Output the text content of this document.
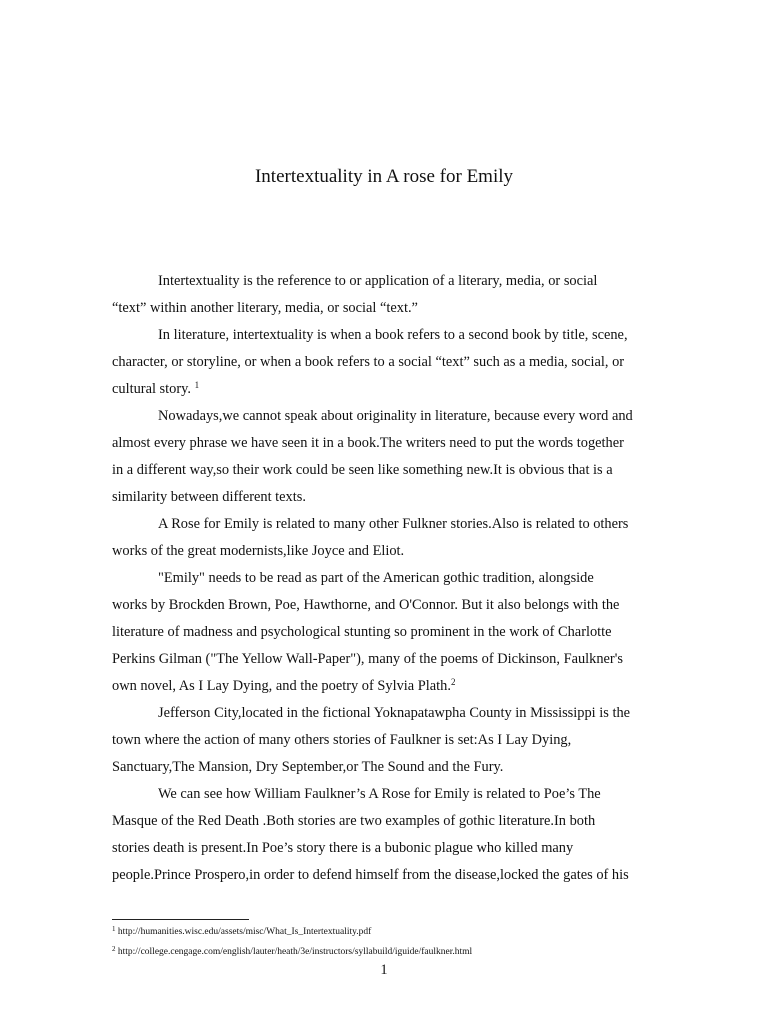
Intertextuality in A rose for Emily
Intertextuality is the reference to or application of a literary, media, or social
“text” within another literary, media, or social “text.”
In literature, intertextuality is when a book refers to a second book by title, scene,
character, or storyline, or when a book refers to a social “text” such as a media, social, or
cultural story. $^1$
Nowadays,we cannot speak about originality in literature, because every word and
almost every phrase we have seen it in a book.The writers need to put the words together
in a different way,so their work could be seen like something new.It is obvious that is a
similarity between different texts.
A Rose for Emily is related to many other Fulkner stories.Also is related to others
works of the great modernists,like Joyce and Eliot.
"Emily" needs to be read as part of the American gothic tradition, alongside
works by Brockden Brown, Poe, Hawthorne, and O'Connor. But it also belongs with the
literature of madness and psychological stunting so prominent in the work of Charlotte
Perkins Gilman ("The Yellow Wall-Paper"), many of the poems of Dickinson, Faulkner's
own novel, As I Lay Dying, and the poetry of Sylvia Plath.$^2$
Jefferson City,located in the fictional Yoknapatawpha County in Mississippi is the
town where the action of many others stories of Faulkner is set:As I Lay Dying,
Sanctuary,The Mansion, Dry September,or The Sound and the Fury.
We can see how William Faulkner’s A Rose for Emily is related to Poe’s The
Masque of the Red Death .Both stories are two examples of gothic literature.In both
stories death is present.In Poe’s story there is a bubonic plague who killed many
people.Prince Prospero,in order to defend himself from the disease,locked the gates of his
$^1$ http://humanities.wisc.edu/assets/misc/What_Is_Intertextuality.pdf
$^2$ http://college.cengage.com/english/lauter/heath/3e/instructors/syllabuild/iguide/faulkner.html
1
